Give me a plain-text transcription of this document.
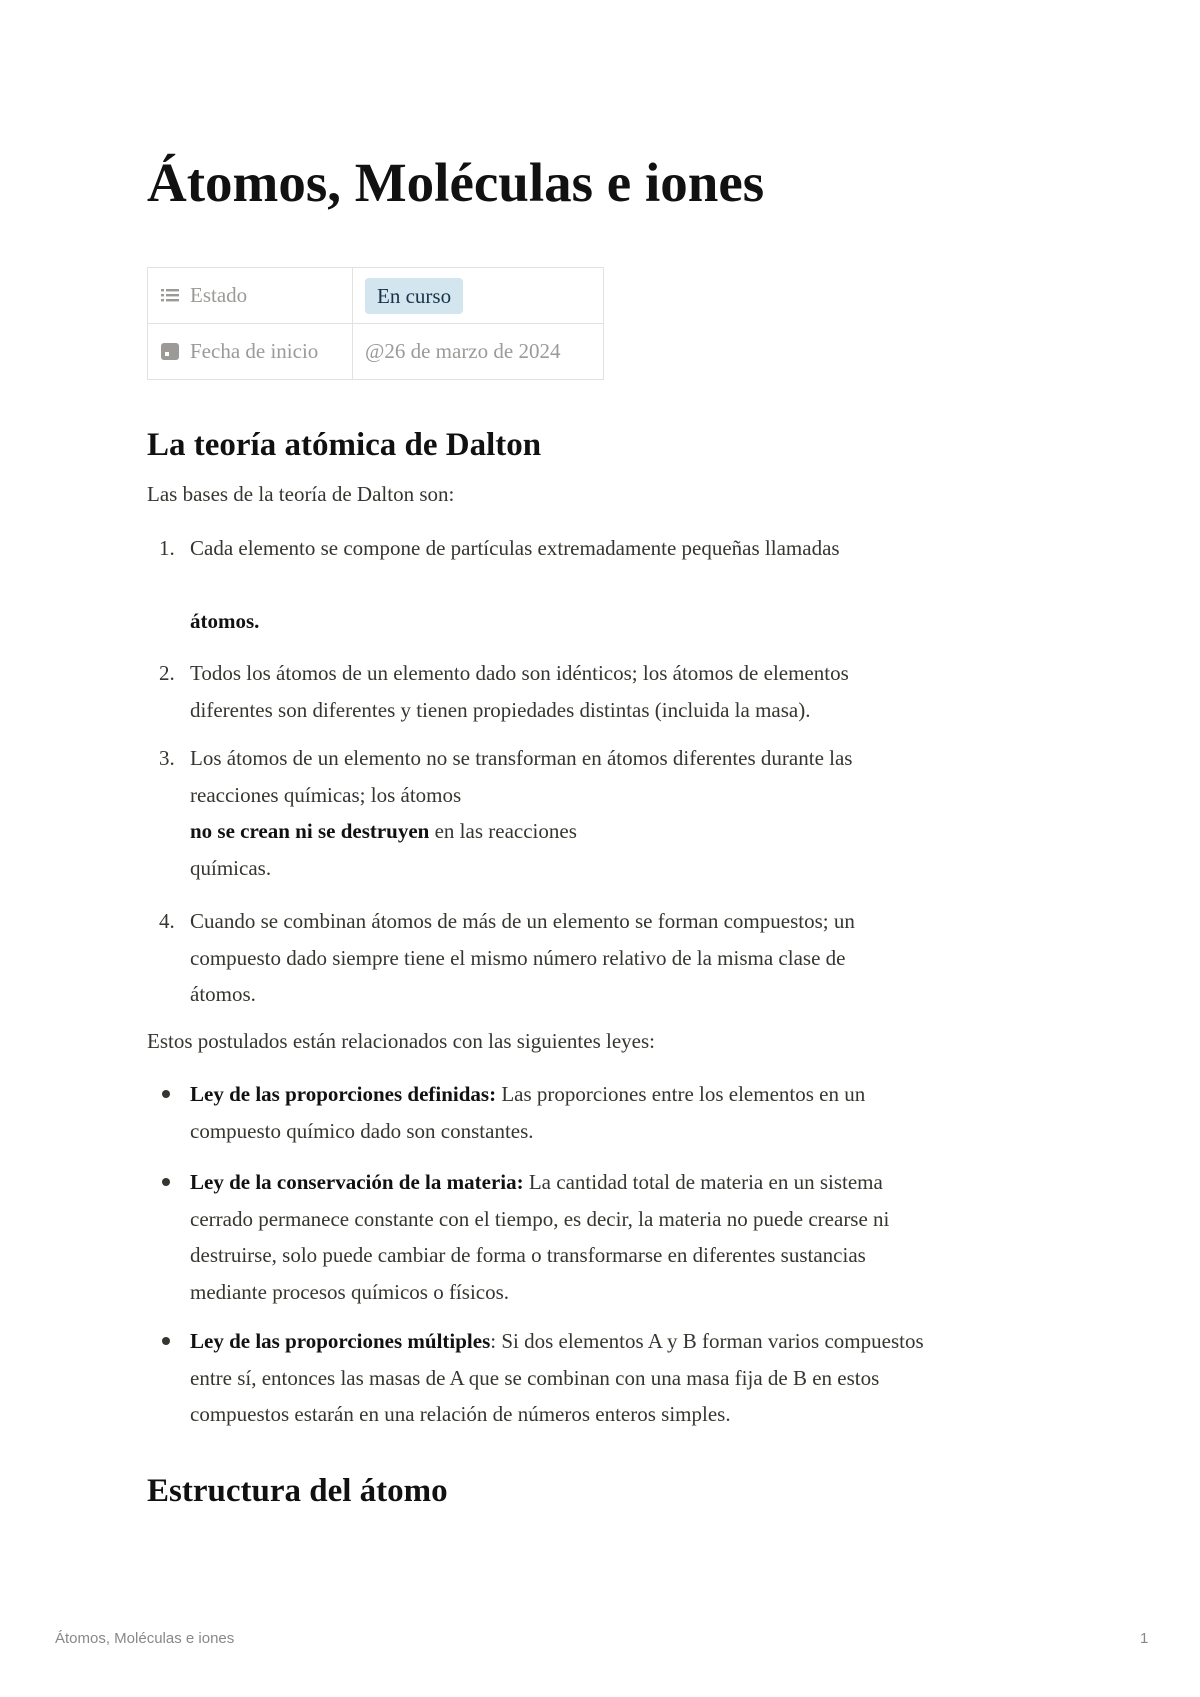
Átomos, Moléculas e iones
Estado	En curso
Fecha de inicio	@26 de marzo de 2024
La teoría atómica de Dalton

Las bases de la teoría de Dalton son:

1. Cada elemento se compone de partículas extremadamente pequeñas llamadas
átomos.
2. Todos los átomos de un elemento dado son idénticos; los átomos de elementos
diferentes son diferentes y tienen propiedades distintas (incluida la masa).
3. Los átomos de un elemento no se transforman en átomos diferentes durante las
reacciones químicas; los átomos
no se crean ni se destruyen en las reacciones
químicas.
4. Cuando se combinan átomos de más de un elemento se forman compuestos; un
compuesto dado siempre tiene el mismo número relativo de la misma clase de
átomos.

Estos postulados están relacionados con las siguientes leyes:

Ley de las proporciones definidas: Las proporciones entre los elementos en un
compuesto químico dado son constantes.
Ley de la conservación de la materia: La cantidad total de materia en un sistema
cerrado permanece constante con el tiempo, es decir, la materia no puede crearse ni
destruirse, solo puede cambiar de forma o transformarse en diferentes sustancias
mediante procesos químicos o físicos.
Ley de las proporciones múltiples: Si dos elementos A y B forman varios compuestos
entre sí, entonces las masas de A que se combinan con una masa fija de B en estos
compuestos estarán en una relación de números enteros simples.
Estructura del átomo
Átomos, Moléculas e iones	1
